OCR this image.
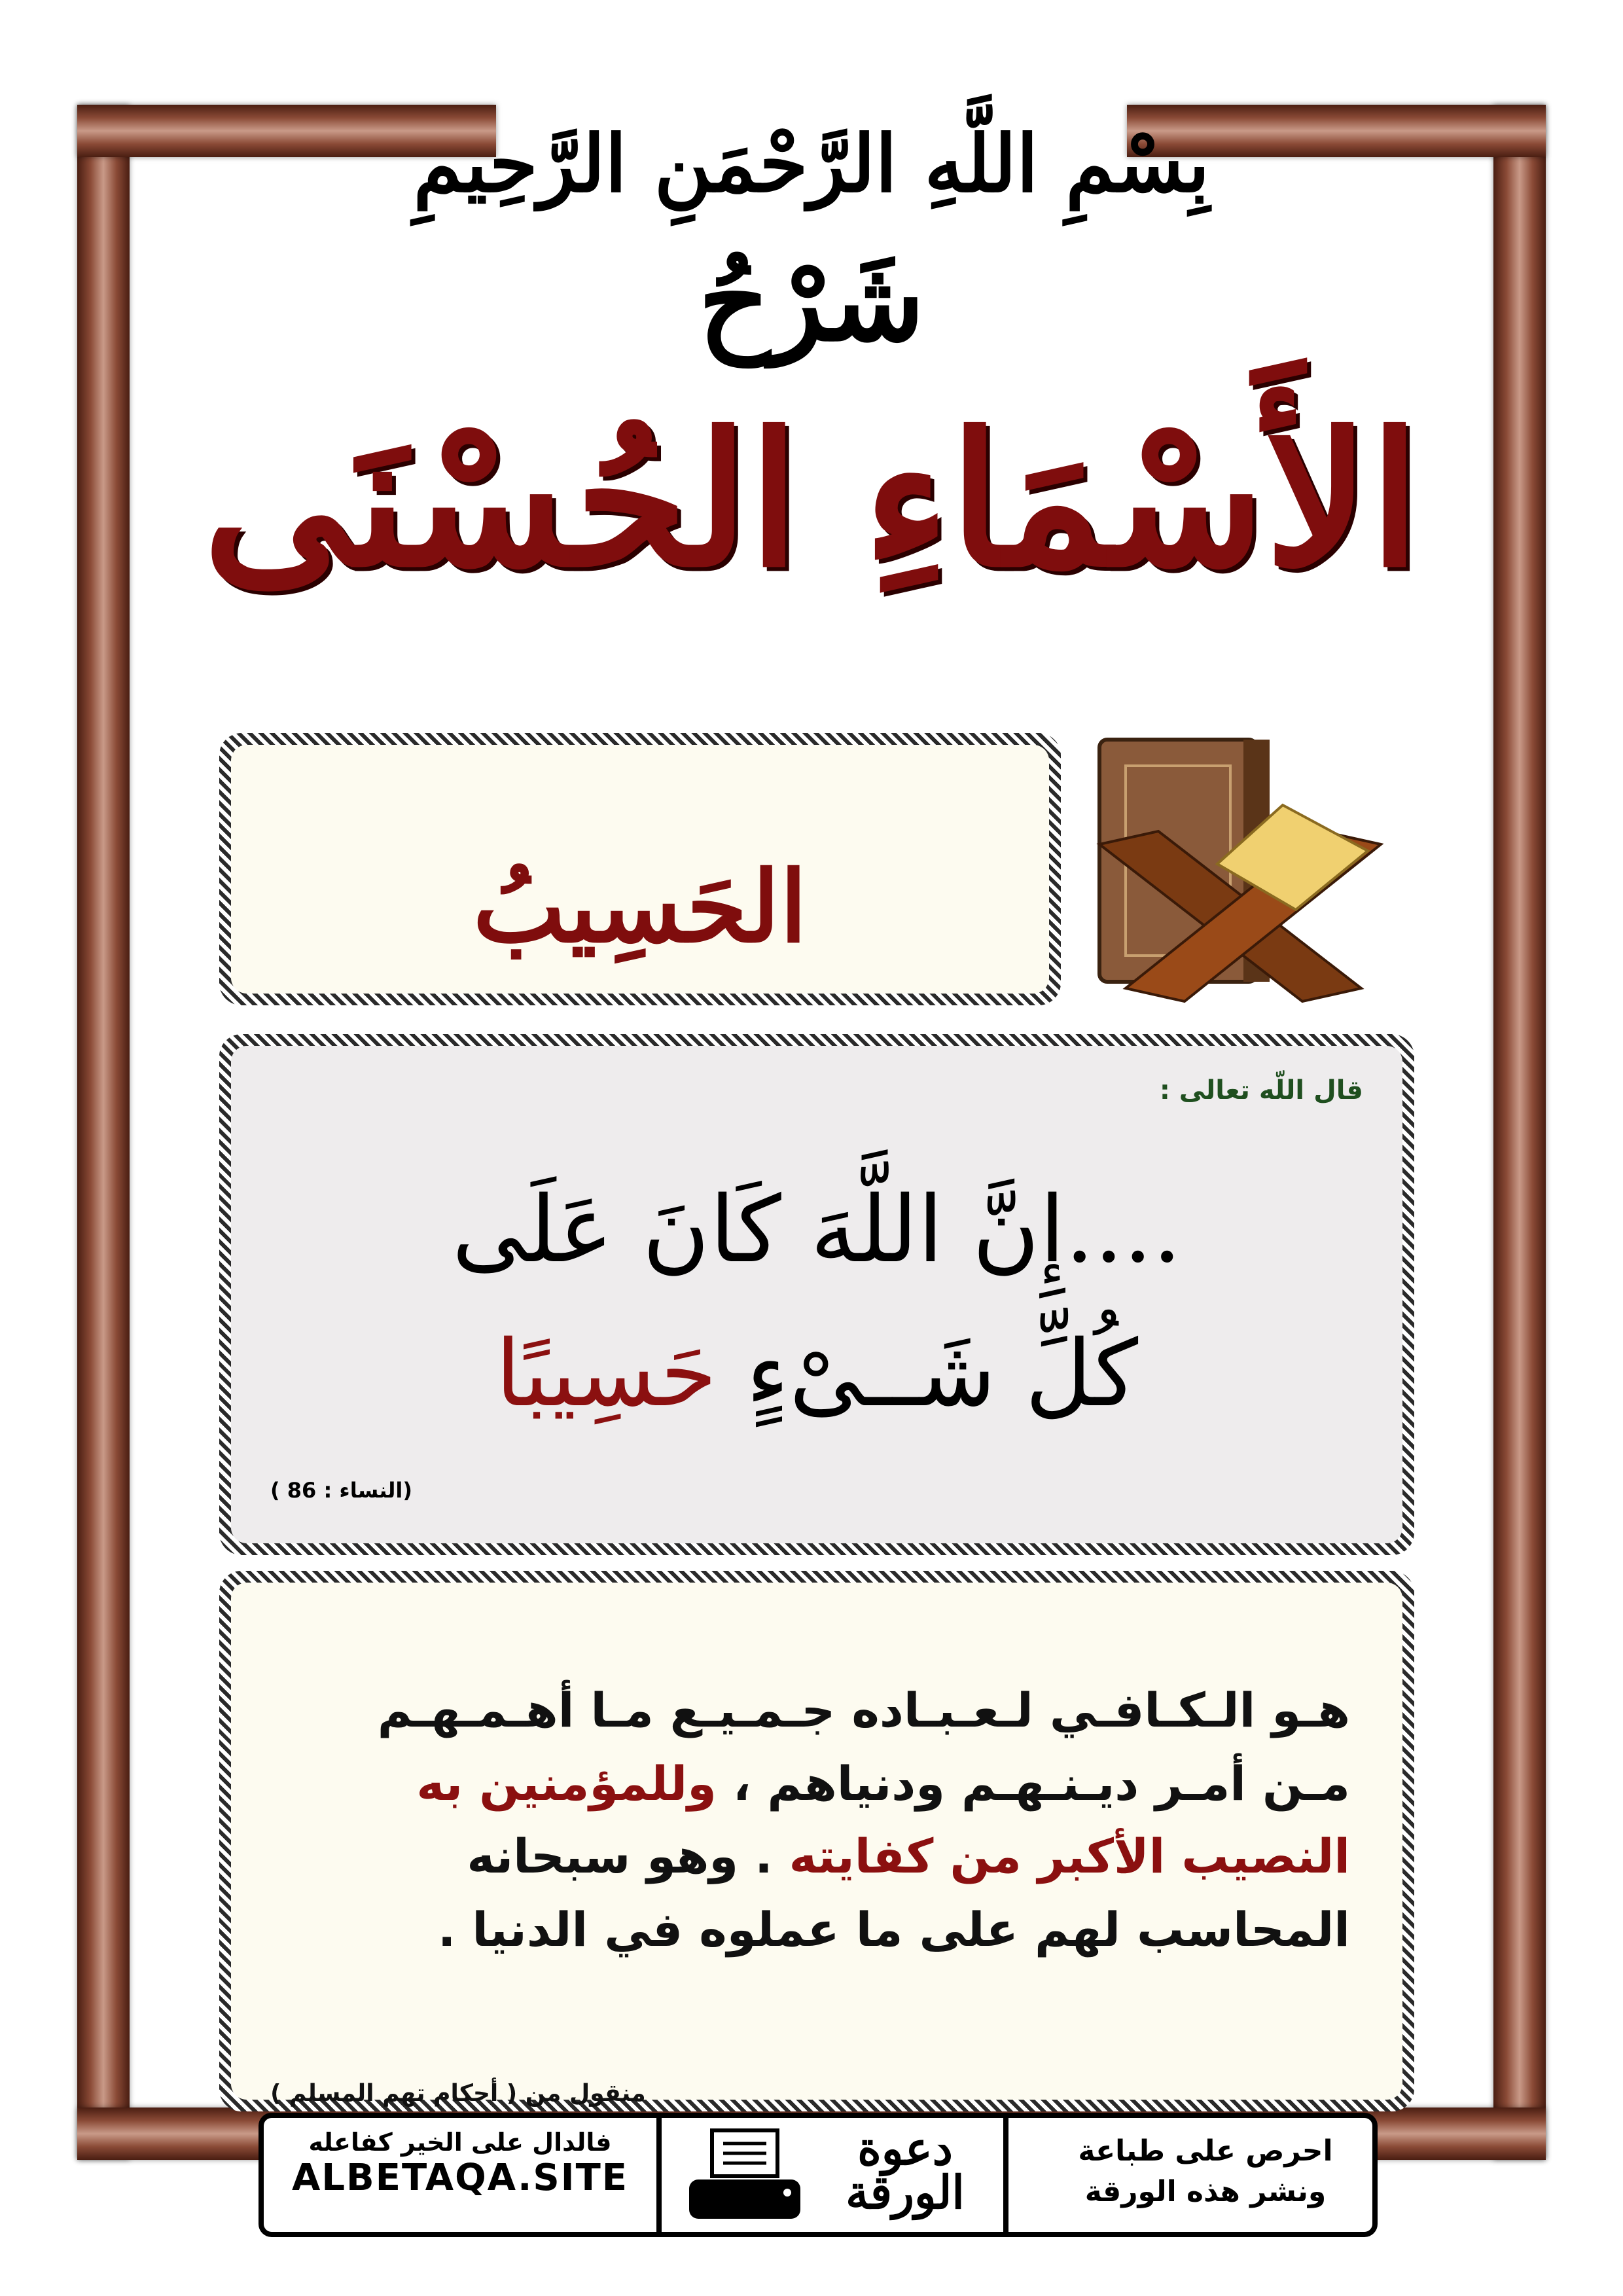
بِسْمِ اللَّهِ الرَّحْمَنِ الرَّحِيمِ
شَرْحُ
الأَسْمَاءِ الحُسْنَى
الحَسِيبُ
قال اللّه تعالى :
....إِنَّ اللَّهَ كَانَ عَلَى
كُلِّ شَــىْءٍ حَسِيبًا
(النساء : 86 )
هـو الـكـافـي لـعـبـاده جـمـيـع مـا أهـمـهـم مـن أمـر ديـنـهـم ودنياهم ، وللمؤمنين به النصيب الأكبر من كفايته . وهو سبحانه المحاسب لهم على ما عملوه في الدنيا .
منقول من ( أحكام تهم المسلم )
فالدال على الخير كفاعله
ALBETAQA.SITE
دعوة الورقة
احرص على طباعة
ونشر هذه الورقة
